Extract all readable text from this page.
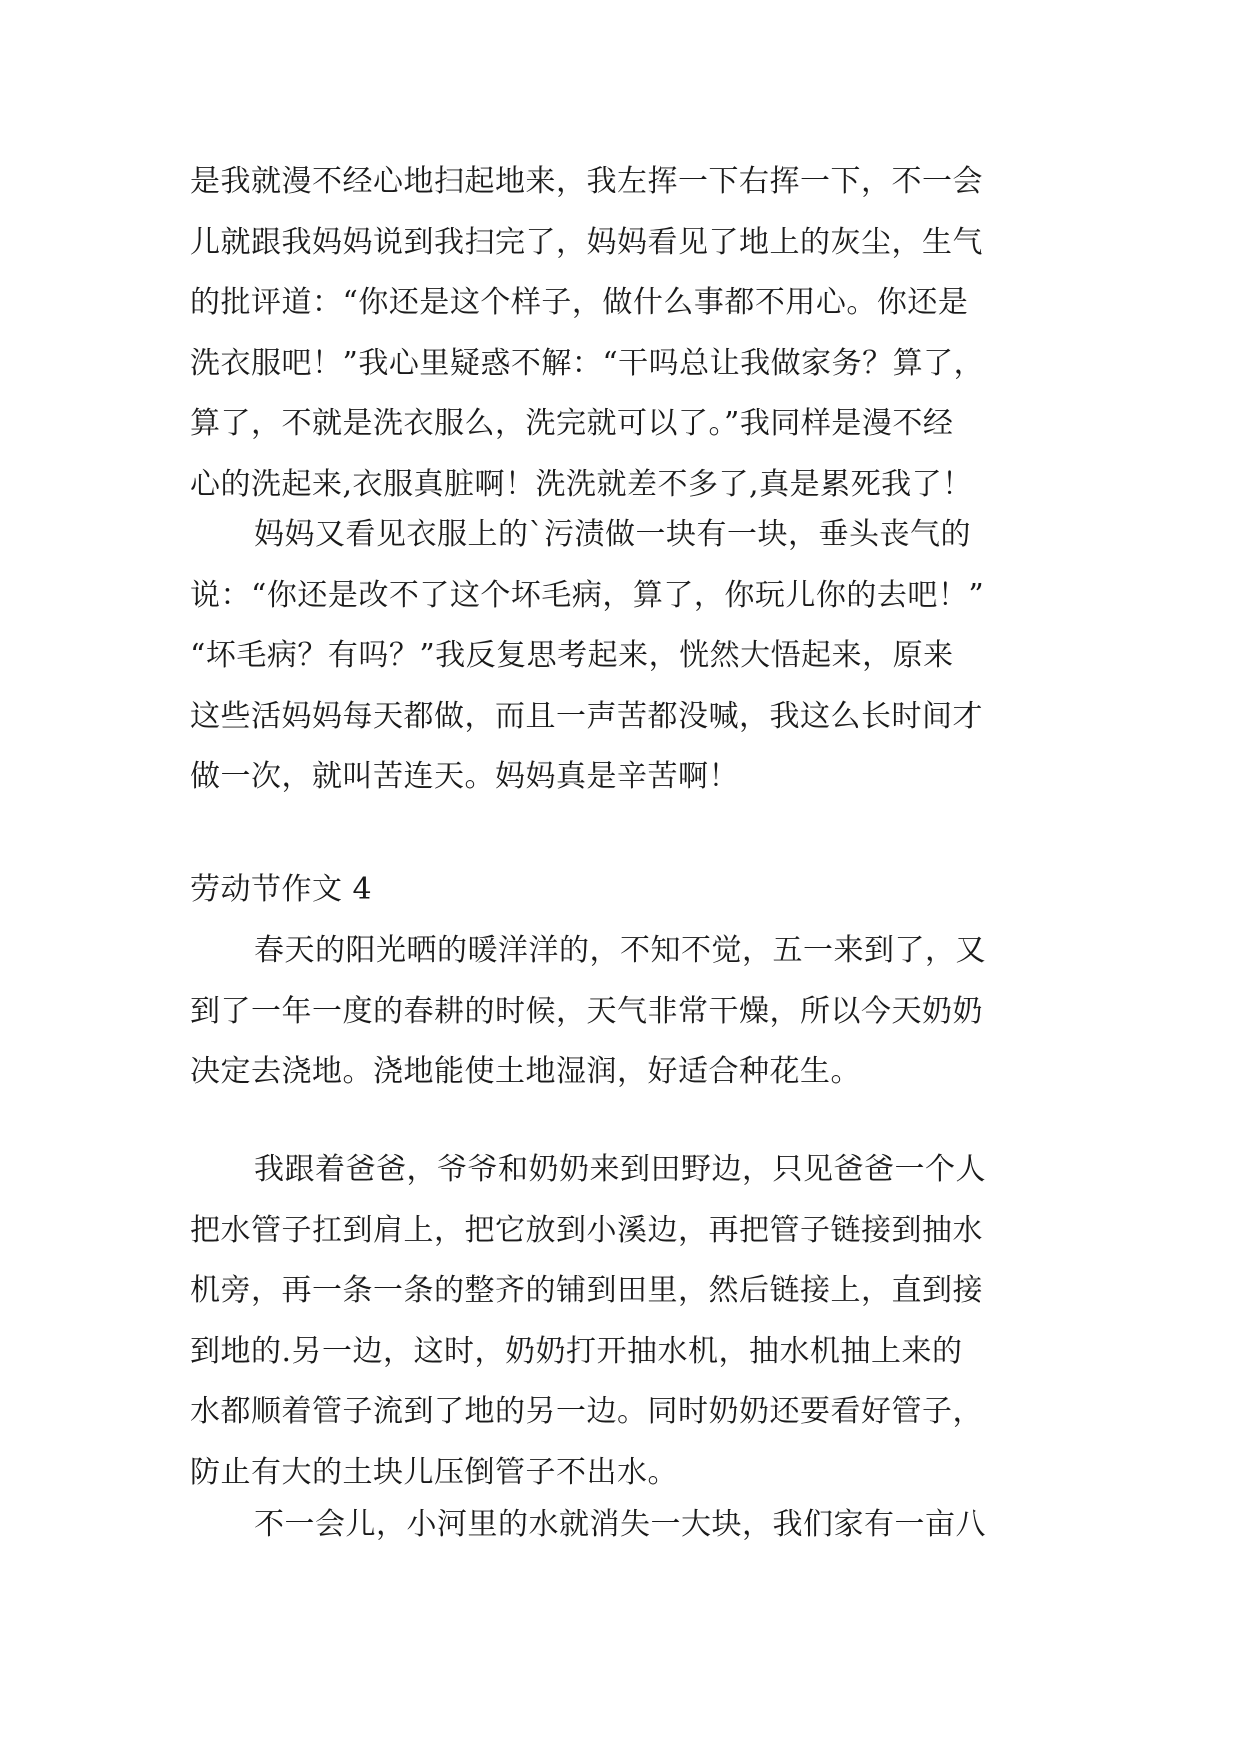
是我就漫不经心地扫起地来，我左挥一下右挥一下，不一会
儿就跟我妈妈说到我扫完了，妈妈看见了地上的灰尘，生气
的批评道：“你还是这个样子，做什么事都不用心。你还是
洗衣服吧！”我心里疑惑不解：“干吗总让我做家务？算了，
算了，不就是洗衣服么，洗完就可以了。”我同样是漫不经
心的洗起来,衣服真脏啊！洗洗就差不多了,真是累死我了！
妈妈又看见衣服上的`污渍做一块有一块，垂头丧气的
说：“你还是改不了这个坏毛病，算了，你玩儿你的去吧！”
“坏毛病？有吗？”我反复思考起来，恍然大悟起来，原来
这些活妈妈每天都做，而且一声苦都没喊，我这么长时间才
做一次，就叫苦连天。妈妈真是辛苦啊！
劳动节作文 4
春天的阳光晒的暖洋洋的，不知不觉，五一来到了，又
到了一年一度的春耕的时候，天气非常干燥，所以今天奶奶
决定去浇地。浇地能使土地湿润，好适合种花生。
我跟着爸爸，爷爷和奶奶来到田野边，只见爸爸一个人
把水管子扛到肩上，把它放到小溪边，再把管子链接到抽水
机旁，再一条一条的整齐的铺到田里，然后链接上，直到接
到地的.另一边，这时，奶奶打开抽水机，抽水机抽上来的
水都顺着管子流到了地的另一边。同时奶奶还要看好管子，
防止有大的土块儿压倒管子不出水。
不一会儿，小河里的水就消失一大块，我们家有一亩八
